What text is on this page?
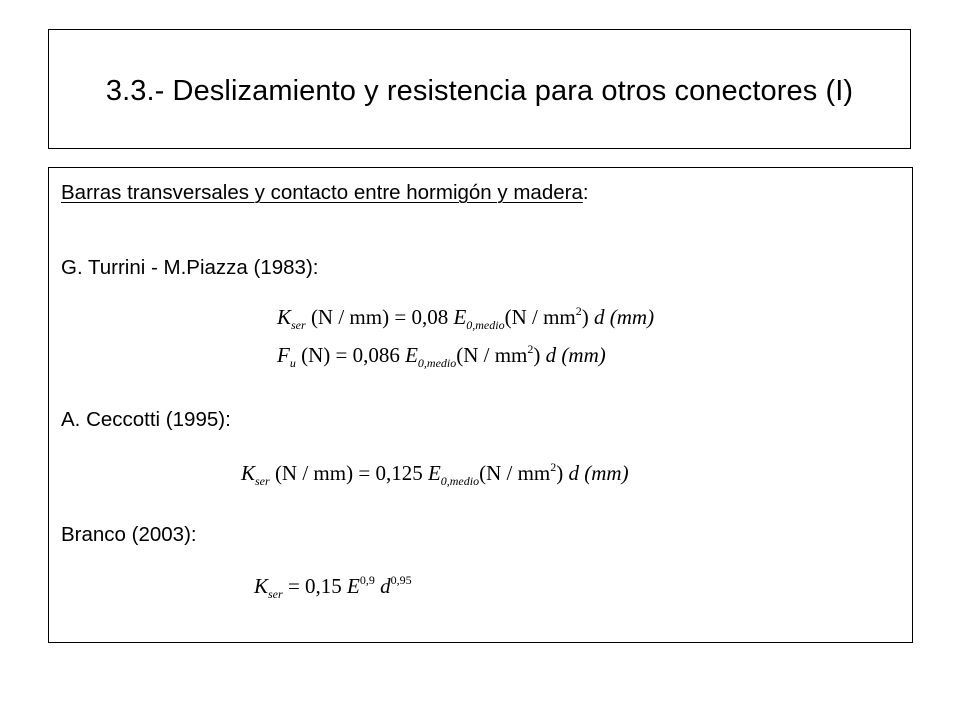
3.3.- Deslizamiento y resistencia para otros conectores (I)
Barras transversales y contacto entre hormigón y madera:
G. Turrini - M.Piazza (1983):
$K_{ser}$ (N / mm) = 0,08 $E_{0,medio}(N / mm^2)$ d (mm)
$F_u$ (N) = 0,086 $E_{0,medio}(N / mm^2)$ d (mm)
A. Ceccotti (1995):
$K_{ser}$ (N / mm) = 0,125 $E_{0,medio}(N / mm^2)$ d (mm)
Branco (2003):
$K_{ser} = 0,15$ E$^{0,9}$ $d^{0,95}$
